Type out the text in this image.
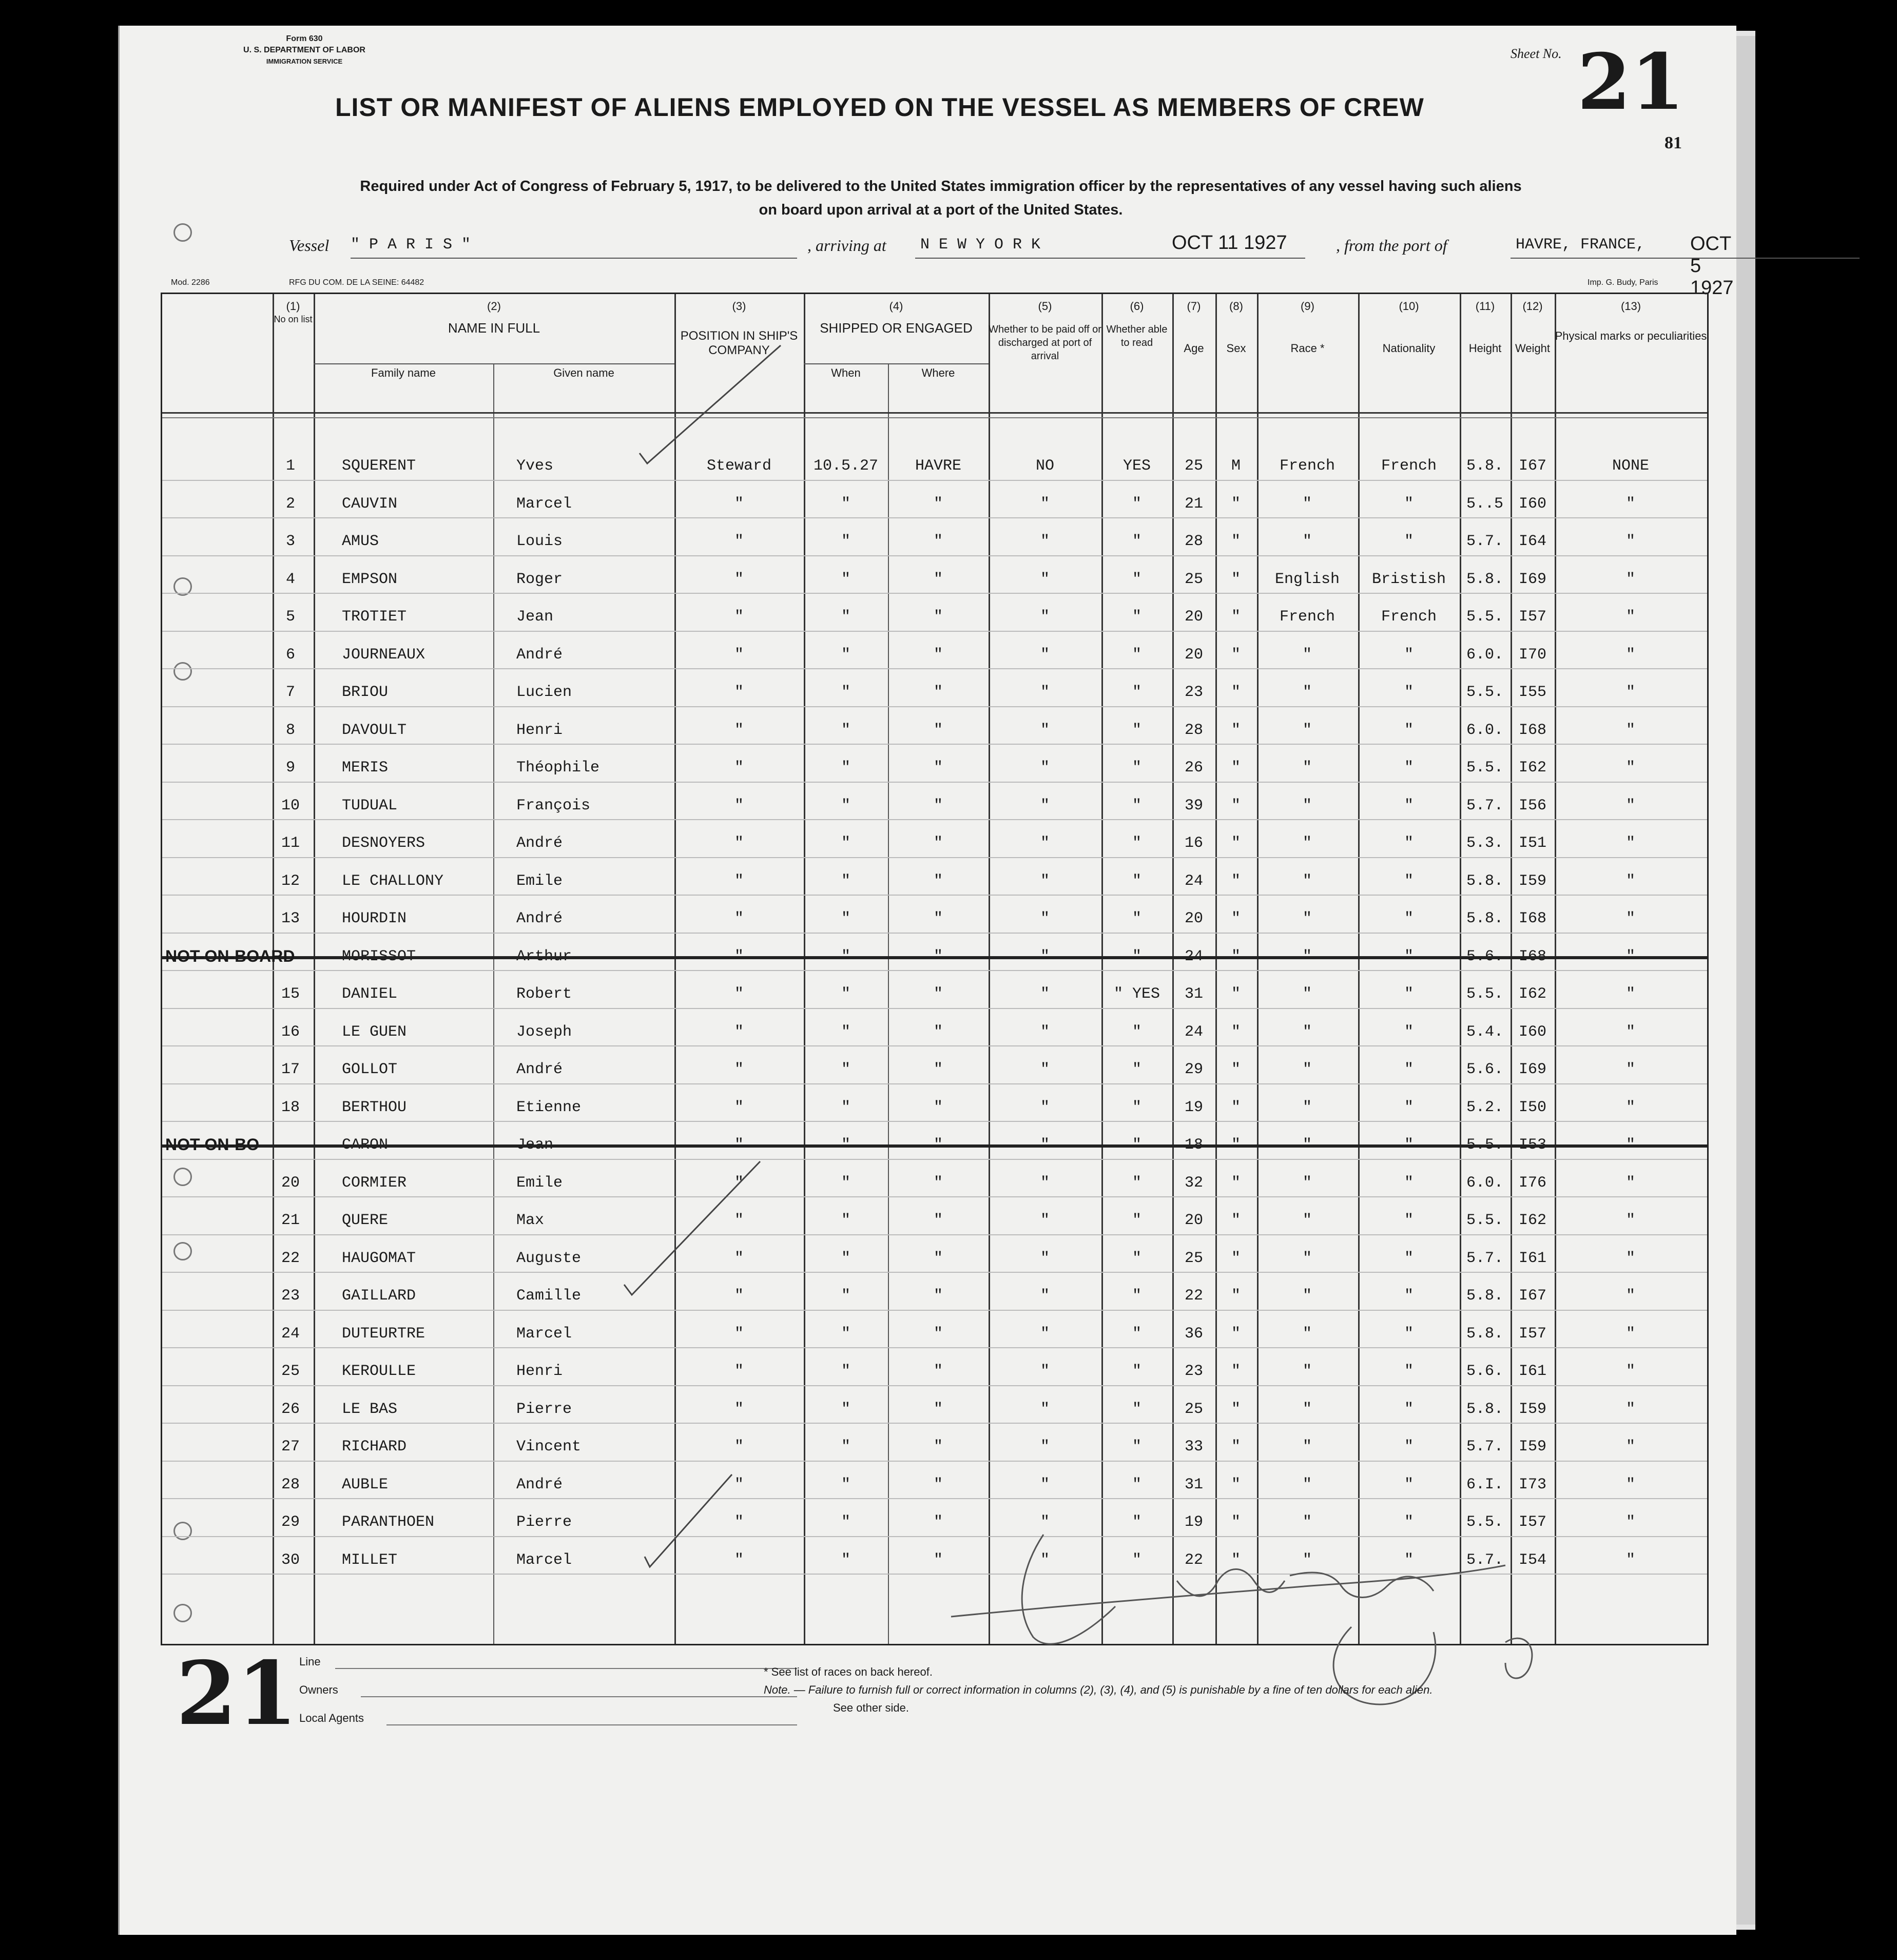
Form 630
U. S. DEPARTMENT OF LABOR
IMMIGRATION SERVICE
Sheet No. 21
81
LIST OR MANIFEST OF ALIENS EMPLOYED ON THE VESSEL AS MEMBERS OF CREW
Required under Act of Congress of February 5, 1917, to be delivered to the United States immigration officer by the representatives of any vessel having such aliens
on board upon arrival at a port of the United States.
Vessel " P A R I S "	, arriving at N E W Y O R K	OCT 11 1927	, from the port of	HAVRE, FRANCE, OCT 5 1927
Mod. 2286	RFG DU COM. DE LA SEINE: 64482	Imp. G. Budy, Paris
(1)
No on list
(2)
NAME IN FULL
Family name	Given name
(3)
POSITION IN SHIP'S COMPANY
(4)
SHIPPED OR ENGAGED
When	Where
(5)
Whether to be paid off or discharged at port of arrival
(6)
Whether able to read
(7)
Age
(8)
Sex
(9)
Race *
(10)
Nationality
(11)
Height
(12)
Weight
(13)
Physical marks or peculiarities
1	SQUERENT	Yves	Steward	10.5.27	HAVRE	NO	YES	25	M	French	French	5.8. I67	NONE
2	CAUVIN	Marcel	"	"	"	"	"	21	"	"	"	5..5 I60	"
3	AMUS	Louis	"	"	"	"	"	28	"	"	"	5.7. I64	"
4	EMPSON	Roger	"	"	"	"	"	25	"	English	Bristish	5.8. I69	"
5	TROTIET	Jean	"	"	"	"	"	20	"	French	French	5.5. I57	"
6	JOURNEAUX	André	"	"	"	"	"	20	"	"	"	6.0. I70	"
7	BRIOU	Lucien	"	"	"	"	"	23	"	"	"	5.5. I55	"
8	DAVOULT	Henri	"	"	"	"	"	28	"	"	"	6.0. I68	"
9	MERIS	Théophile	"	"	"	"	"	26	"	"	"	5.5. I62	"
10	TUDUAL	François	"	"	"	"	"	39	"	"	"	5.7. I56	"
11	DESNOYERS	André	"	"	"	"	"	16	"	"	"	5.3. I51	"
12	LE CHALLONY	Emile	"	"	"	"	"	24	"	"	"	5.8. I59	"
13	HOURDIN	André	"	"	"	"	"	20	"	"	"	5.8. I68	"
NOT-ON-BOARD
15	DANIEL	Robert	"	"	"	"	" YES	31	"	"	"	5.5. I62	"
16	LE GUEN	Joseph	"	"	"	"	"	24	"	"	"	5.4. I60	"
17	GOLLOT	André	"	"	"	"	"	29	"	"	"	5.6. I69	"
18	BERTHOU	Etienne	"	"	"	"	"	19	"	"	"	5.2. I50	"
NOT-ON-BO
20	CORMIER	Emile	"	"	"	"	"	32	"	"	"	6.0. I76	"
21	QUERE	Max	"	"	"	"	"	20	"	"	"	5.5. I62	"
22	HAUGOMAT	Auguste	"	"	"	"	"	25	"	"	"	5.7. I61	"
23	GAILLARD	Camille	"	"	"	"	"	22	"	"	"	5.8. I67	"
24	DUTEURTRE	Marcel	"	"	"	"	"	36	"	"	"	5.8. I57	"
25	KEROULLE	Henri	"	"	"	"	"	23	"	"	"	5.6. I61	"
26	LE BAS	Pierre	"	"	"	"	"	25	"	"	"	5.8. I59	"
27	RICHARD	Vincent	"	"	"	"	"	33	"	"	"	5.7. I59	"
28	AUBLE	André	"	"	"	"	"	31	"	"	"	6.I. I73	"
29	PARANTHOEN	Pierre	"	"	"	"	"	19	"	"	"	5.5. I57	"
30	MILLET	Marcel	"	"	"	"	"	22	"	"	"	5.7. I54	"
Line
Owners
Local Agents
* See list of races on back hereof.
Note. — Failure to furnish full or correct information in columns (2), (3), (4), and (5) is punishable by a fine of ten dollars for each alien.
See other side.
21
